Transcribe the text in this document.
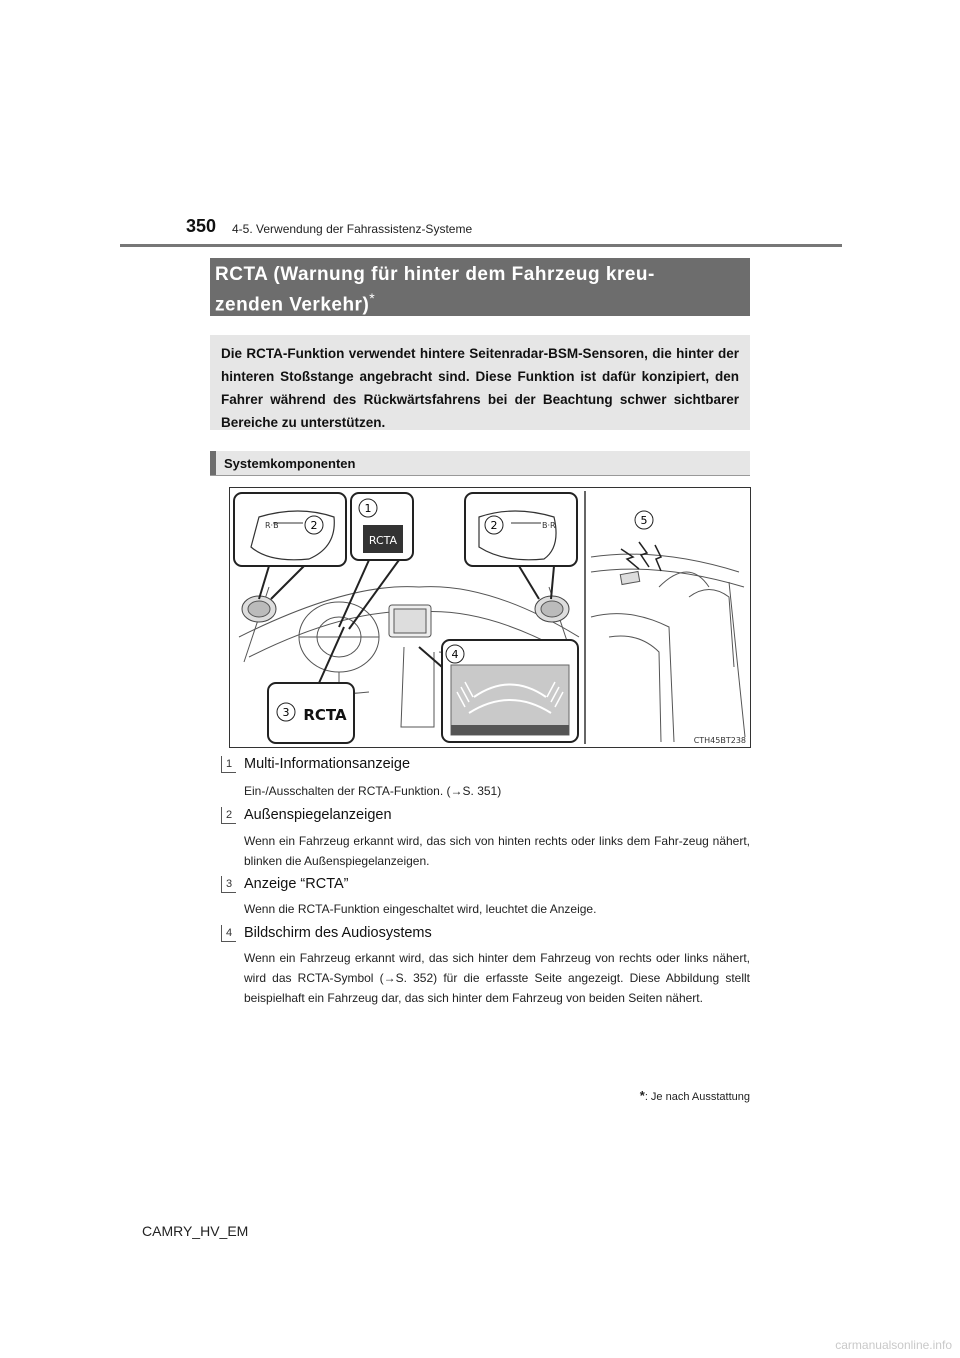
350 4-5. Verwendung der Fahrassistenz-Systeme
RCTA (Warnung für hinter dem Fahrzeug kreu-
zenden Verkehr)*
Die RCTA-Funktion verwendet hintere Seitenradar-BSM-Sensoren, die hinter der hinteren Stoßstange angebracht sind. Diese Funktion ist dafür konzipiert, den Fahrer während des Rückwärtsfahrens bei der Beachtung schwer sichtbarer Bereiche zu unterstützen.
Systemkomponenten
R·B
RCTA
B·R
RCTA
2
1
2	5
4
3
CTH45BT238
1 Multi-Informationsanzeige
Ein-/Ausschalten der RCTA-Funktion. (→S. 351)
2 Außenspiegelanzeigen
Wenn ein Fahrzeug erkannt wird, das sich von hinten rechts oder links dem Fahr-zeug nähert, blinken die Außenspiegelanzeigen.
3 Anzeige “RCTA”
Wenn die RCTA-Funktion eingeschaltet wird, leuchtet die Anzeige.
4 Bildschirm des Audiosystems
Wenn ein Fahrzeug erkannt wird, das sich hinter dem Fahrzeug von rechts oder links nähert, wird das RCTA-Symbol (→S. 352) für die erfasste Seite angezeigt. Diese Abbildung stellt beispielhaft ein Fahrzeug dar, das sich hinter dem Fahrzeug von beiden Seiten nähert.
*: Je nach Ausstattung
CAMRY_HV_EM
carmanualsonline.info
